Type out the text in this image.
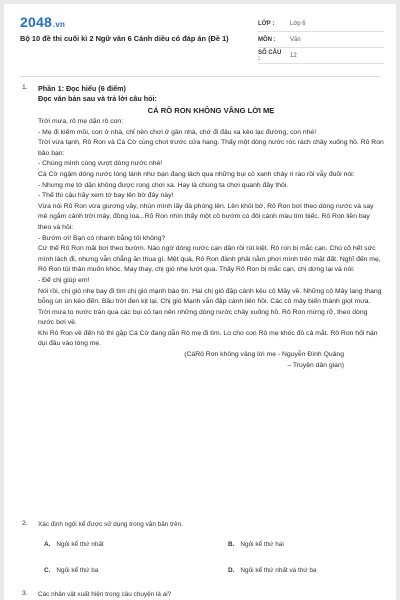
2048.vn
Bộ 10 đề thi cuối kì 2 Ngữ văn 6 Cánh diều có đáp án (Đề 1)
LỚP :	Lớp 6
MÔN :	Văn
SỐ CÂU :	12
1. Phần 1: Đọc hiểu (6 điểm)
Đọc văn bản sau và trả lời câu hỏi:
CÁ RÔ RON KHÔNG VÂNG LỜI MẸ
Trời mưa, rô mẹ dặn rô con:
- Mẹ đi kiếm mồi, con ở nhà, chỉ nên chơi ở gần nhà, chớ đi đâu xa kẻo lạc đường, con nhé!
Trời vừa tạnh, Rô Ron và Cá Cờ cùng chơi trước cửa hang. Thấy một dòng nước róc rách chảy xuống hồ. Rô Ron bảo bạn:
- Chúng mình cùng vượt dòng nước nhé!
Cá Cờ ngậm dòng nước lóng lánh như bạn đang lách qua những bụi cỏ xanh chảy ri rào rồi vẫy đuôi nói:
- Nhưng mẹ tớ dặn không được rong chơi xa. Hay là chúng ta chơi quanh đây thôi.
- Thế thì cậu hãy xem tớ bay lên bờ đây này!
Vừa nói Rô Ron vừa giương vây, nhún mình lấy đà phóng lên. Lên khỏi bờ, Rô Ron bơi theo dòng nước và say mê ngắm cảnh trời mây, đồng lúa...Rô Ron nhìn thấy một cô bướm có đôi cánh màu tím biếc. Rô Ron liền bay theo và hỏi:
- Bướm ơi! Bạn có nhanh bằng tôi không?
Cứ thế Rô Ron mải bơi theo bướm. Nào ngờ dòng nước cạn dần rồi rút kiệt. Rô ron bị mắc cạn. Chú cố hết sức mình lách đi, nhưng vẫn chẳng ăn thua gì. Mệt quá, Rô Ron đành phải nằm phơi mình trên mặt đất. Nghĩ đến mẹ, Rô Ron tủi thân muốn khóc. May thay, chị gió nhẹ lướt qua. Thấy Rô Ron bị mắc cạn, chị dừng lại và nói:
- Để chị giúp em!
Nói rồi, chị gió nhẹ bay đi tìm chị gió mạnh báo tin. Hai chị gió đập cánh kêu cô Mây về. Những cô Mây lang thang bỗng ùn ùn kéo đến. Bầu trời đen kịt lại. Chị gió Mạnh vẫn đập cánh liên hồi. Các cô mây biến thành giọt mưa. Trời mưa to nước tràn qua các bụi cỏ tạo nên những dòng nước chảy xuống hồ. Rô Ron mừng rỡ, theo dòng nước bơi về.
Khi Rô Ron về đến hồ thì gặp Cá Cờ đang dẫn Rô mẹ đi tìm. Lo cho con Rô mẹ khóc đỏ cả mắt. Rô Ron hối hận dụi đầu vào lòng mẹ.
(CáRô Ron không vâng lời mẹ - Nguyễn Đình Quảng
– Truyện dân gian)
2. Xác định ngôi kể được sử dụng trong văn bản trên.
A. Ngôi kể thứ nhất	B. Ngôi kể thứ hai
C. Ngôi kể thứ ba	D. Ngôi kể thứ nhất và thứ ba
3. Các nhân vật xuất hiện trong câu chuyện là ai?
